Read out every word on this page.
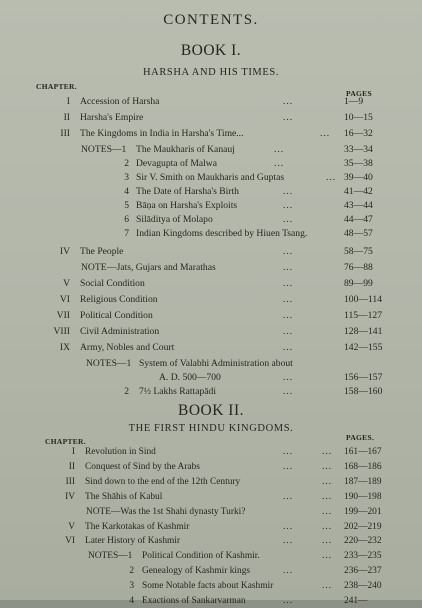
CONTENTS.
BOOK I.
HARSHA AND HIS TIMES.
CHAPTER.
PAGES
I Accession of Harsha	...	1—9
II Harsha's Empire	...	10—15
III The Kingdoms in India in Harsha's Time...	... 16—32
NOTES—1 The Maukharis of Kanauj	...	33—34
2 Devagupta of Malwa	...	35—38
3 Sir V. Smith on Maukharis and Guptas	... 39—40
4 The Date of Harsha's Birth	...	41—42
5 Bāṇa on Harsha's Exploits	...	43—44
6 Silāditya of Molapo	...	44—47
7 Indian Kingdoms described by Hiuen Tsang.	48—57
IV The People	...	58—75
NOTE —Jats, Gujars and Marathas	...	76—88
V Social Condition	...	89—99
VI Religious Condition	...	100—114
VII Political Condition	...	115—127
VIII Civil Administration	...	128—141
IX Army, Nobles and Court	...	142—155
NOTES—1 System of Valabhi Administration about
A. D. 500—700	...	156—157
2 7½ Lakhs Rattapādi	...	158—160
BOOK II.
THE FIRST HINDU KINGDOMS.
CHAPTER.	PAGES.
I Revolution in Sind	...	... 161—167
II Conquest of Sind by the Arabs	...	... 168—186
III Sind down to the end of the 12th Century	... 187—189
IV The Shāhis of Kabul	...	... 190—198
NOTE —Was the 1st Shahi dynasty Turki?	... 199—201
V The Karkotakas of Kashmir	...	... 202—219
VI Later History of Kashmir	...	... 220—232
NOTES—1 Political Condition of Kashmir.	... 233—235
2 Genealogy of Kashmir kings	...	236—237
3 Some Notable facts about Kashmir	... 238—240
4 Exactions of Sankarvarman	...	241—
